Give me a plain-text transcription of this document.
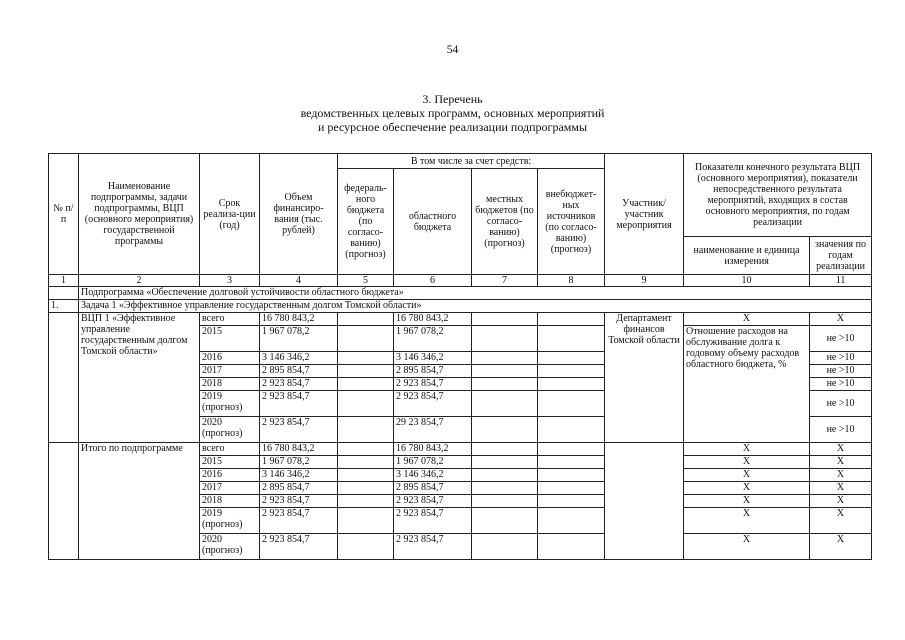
54
3. Перечень
ведомственных целевых программ, основных мероприятий
и ресурсное обеспечение реализации подпрограммы
№ п/п	Наименование подпрограммы, задачи подпрограммы, ВЦП (основного мероприятия) государственной программы	Срок реализа-ции (год)	Объем финансиро-вания (тыс. рублей)	В том числе за счет средств:				Участник/ участник мероприятия	Показатели конечного результата ВЦП (основного мероприятия), показатели непосредственного результата мероприятий, входящих в состав основного мероприятия, по годам реализации	
				федераль-ного бюджета (по согласо-ванию) (прогноз)	областного бюджета	местных бюджетов (по согласо-ванию) (прогноз)	внебюджет-ных источников (по согласо-ванию) (прогноз)			
									наименование и единица измерения	значения по годам реализации
1	2	3	4	5	6	7	8	9	10	11
	Подпрограмма «Обеспечение долговой устойчивости областного бюджета»									
1.	Задача 1 «Эффективное управление государственным долгом Томской области»									
	ВЦП 1 «Эффективное управление государственным долгом Томской области»	всего	16 780 843,2		16 780 843,2			Департамент финансов Томской области	Х	Х
		2015	1 967 078,2		1 967 078,2				Отношение расходов на обслуживание долга к годовому объему расходов областного бюджета, %	не >10
		2016	3 146 346,2		3 146 346,2					не >10
		2017	2 895 854,7		2 895 854,7					не >10
		2018	2 923 854,7		2 923 854,7					не >10
		2019 (прогноз)	2 923 854,7		2 923 854,7					не >10
		2020 (прогноз)	2 923 854,7		29 23 854,7					не >10
	Итого по подпрограмме	всего	16 780 843,2		16 780 843,2				Х	Х
		2015	1 967 078,2		1 967 078,2				Х	Х
		2016	3 146 346,2		3 146 346,2				Х	Х
		2017	2 895 854,7		2 895 854,7				Х	Х
		2018	2 923 854,7		2 923 854,7				Х	Х
		2019 (прогноз)	2 923 854,7		2 923 854,7				Х	Х
		2020 (прогноз)	2 923 854,7		2 923 854,7				Х	Х
